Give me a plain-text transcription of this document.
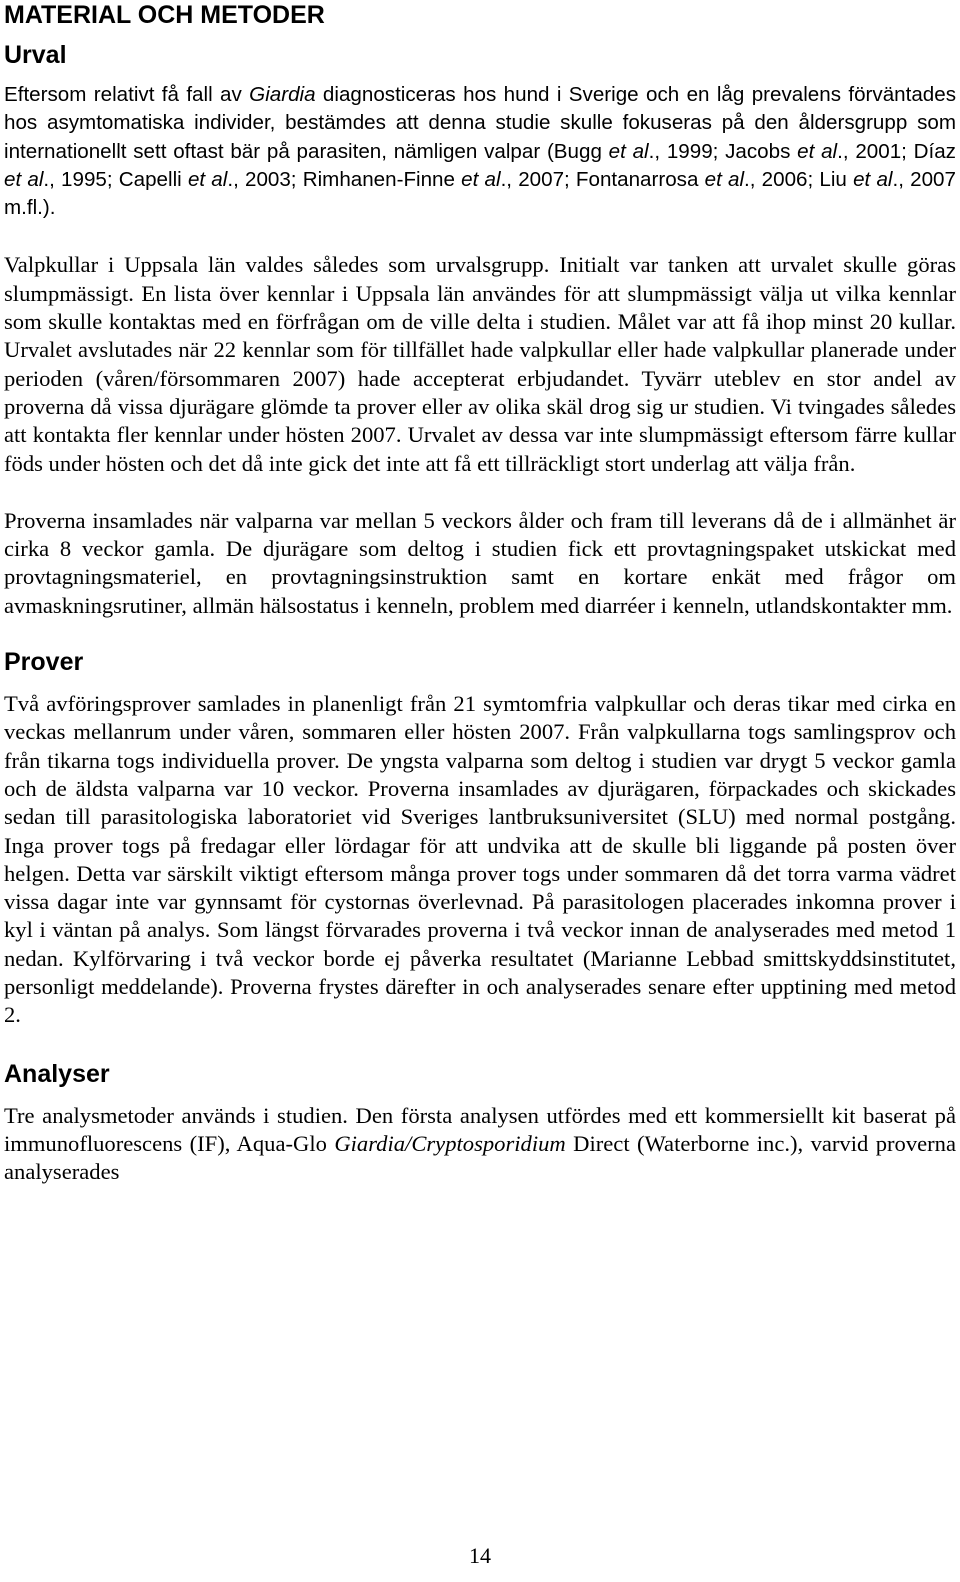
MATERIAL OCH METODER
Urval

Eftersom relativt få fall av Giardia diagnosticeras hos hund i Sverige och en låg prevalens förväntades hos asymtomatiska individer, bestämdes att denna studie skulle fokuseras på den åldersgrupp som internationellt sett oftast bär på parasiten, nämligen valpar (Bugg et al., 1999; Jacobs et al., 2001; Díaz et al., 1995; Capelli et al., 2003; Rimhanen-Finne et al., 2007; Fontanarrosa et al., 2006; Liu et al., 2007 m.fl.).

Valpkullar i Uppsala län valdes således som urvalsgrupp. Initialt var tanken att urvalet skulle göras slumpmässigt. En lista över kennlar i Uppsala län användes för att slumpmässigt välja ut vilka kennlar som skulle kontaktas med en förfrågan om de ville delta i studien. Målet var att få ihop minst 20 kullar. Urvalet avslutades när 22 kennlar som för tillfället hade valpkullar eller hade valpkullar planerade under perioden (våren/försommaren 2007) hade accepterat erbjudandet. Tyvärr uteblev en stor andel av proverna då vissa djurägare glömde ta prover eller av olika skäl drog sig ur studien. Vi tvingades således att kontakta fler kennlar under hösten 2007. Urvalet av dessa var inte slumpmässigt eftersom färre kullar föds under hösten och det då inte gick det inte att få ett tillräckligt stort underlag att välja från.

Proverna insamlades när valparna var mellan 5 veckors ålder och fram till leverans då de i allmänhet är cirka 8 veckor gamla. De djurägare som deltog i studien fick ett provtagningspaket utskickat med provtagningsmateriel, en provtagningsinstruktion samt en kortare enkät med frågor om avmaskningsrutiner, allmän hälsostatus i kenneln, problem med diarréer i kenneln, utlandskontakter mm.

Prover

Två avföringsprover samlades in planenligt från 21 symtomfria valpkullar och deras tikar med cirka en veckas mellanrum under våren, sommaren eller hösten 2007. Från valpkullarna togs samlingsprov och från tikarna togs individuella prover. De yngsta valparna som deltog i studien var drygt 5 veckor gamla och de äldsta valparna var 10 veckor. Proverna insamlades av djurägaren, förpackades och skickades sedan till parasitologiska laboratoriet vid Sveriges lantbruksuniversitet (SLU) med normal postgång. Inga prover togs på fredagar eller lördagar för att undvika att de skulle bli liggande på posten över helgen. Detta var särskilt viktigt eftersom många prover togs under sommaren då det torra varma vädret vissa dagar inte var gynnsamt för cystornas överlevnad. På parasitologen placerades inkomna prover i kyl i väntan på analys. Som längst förvarades proverna i två veckor innan de analyserades med metod 1 nedan. Kylförvaring i två veckor borde ej påverka resultatet (Marianne Lebbad smittskyddsinstitutet, personligt meddelande). Proverna frystes därefter in och analyserades senare efter upptining med metod 2.

Analyser

Tre analysmetoder används i studien. Den första analysen utfördes med ett kommersiellt kit baserat på immunofluorescens (IF), Aqua-Glo Giardia/Cryptosporidium Direct (Waterborne inc.), varvid proverna analyserades

14
